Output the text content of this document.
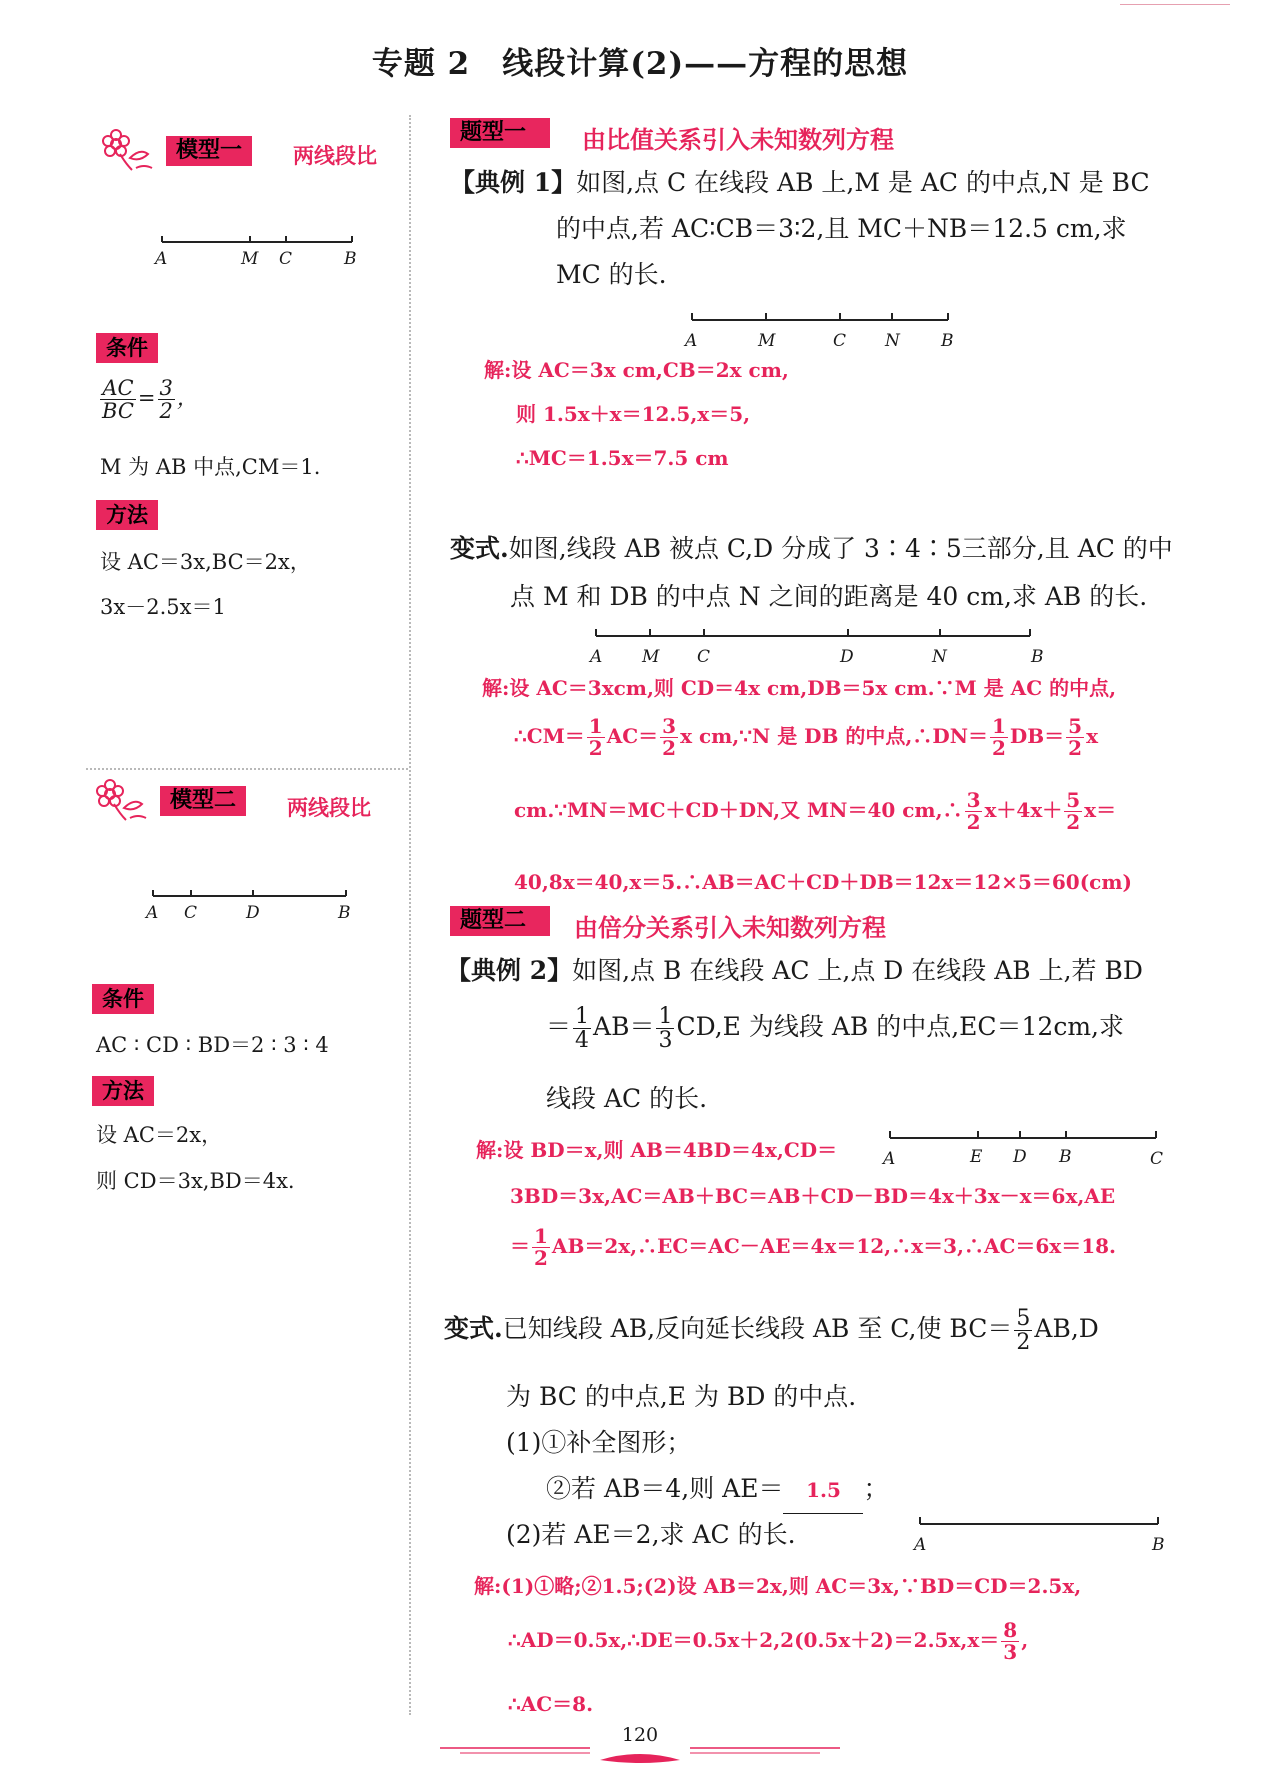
专题 2　线段计算(2)——方程的思想
模型一	两线段比
A	M C	B
条件
$\frac{AC}{BC} = \frac{3}{2}$ ，
M 为 AB 中点,CM＝1.
方法
设 AC＝3x,BC＝2x，
3x－2.5x＝1
模型二	两线段比
A C	D	B
条件
AC ∶ CD ∶ BD＝2 ∶ 3 ∶ 4
方法
设 AC＝2x，
则 CD＝3x,BD＝4x.
题型一	由比值关系引入未知数列方程
【典例 1】如图,点 C 在线段 AB 上,M 是 AC 的中点,N 是 BC
的中点,若 AC∶CB＝3∶2,且 MC＋NB＝12.5 cm,求
MC 的长.
A	M	C N B
解:设 AC＝3x cm,CB＝2x cm,
则 1.5x＋x＝12.5,x＝5,
∴MC＝1.5x＝7.5 cm
变式.如图,线段 AB 被点 C,D 分成了 3∶4∶5三部分,且 AC 的中
点 M 和 DB 的中点 N 之间的距离是 40 cm,求 AB 的长.
A M C	D	N	B
解:设 AC＝3xcm,则 CD＝4x cm,DB＝5x cm.∵M 是 AC 的中点,
∴CM＝ $\frac{1}{2} AC= \frac{3}{2}$ x cm,∵N 是 DB 的中点,∴DN＝ $\frac{1}{2} DB= \frac{5}{2}$ x
cm.∵MN＝MC＋CD＋DN,又 MN＝40 cm,∴ $\frac{3}{2} x+4x+ \frac{5}{2} x=$
40,8x＝40,x＝5.∴AB＝AC＋CD＋DB＝12x＝12×5＝60(cm)
题型二	由倍分关系引入未知数列方程
【典例 2】如图,点 B 在线段 AC 上,点 D 在线段 AB 上,若 BD
＝ $\frac{1}{4} AB= \frac{1}{3} CD,E$ 为线段 AB 的中点,EC＝12cm,求
线段 AC 的长.
解:设 BD＝x,则 AB＝4BD＝4x,CD＝	A	E D B	C
3BD＝3x,AC＝AB＋BC＝AB＋CD－BD＝4x＋3x－x＝6x,AE
＝ $\frac{1}{2}$ AB＝2x,∴EC＝AC－AE＝4x＝12,∴x＝3,∴AC＝6x＝18.
变式.已知线段 AB,反向延长线段 AB 至 C,使 $BC= \frac{5}{2} AB,D$
为 BC 的中点,E 为 BD 的中点.
(1)①补全图形；
②若 AB＝4,则 AE＝ 1.5 ；
(2)若 AE＝2,求 AC 的长.	A	B
解:(1)①略;②1.5;(2)设 AB＝2x,则 AC＝3x,∵BD＝CD＝2.5x,
∴AD＝0.5x,∴DE＝0.5x＋2,2(0.5x＋2)＝2.5x,x＝ $\frac{8}{3}$ ,
∴AC＝8.
120
